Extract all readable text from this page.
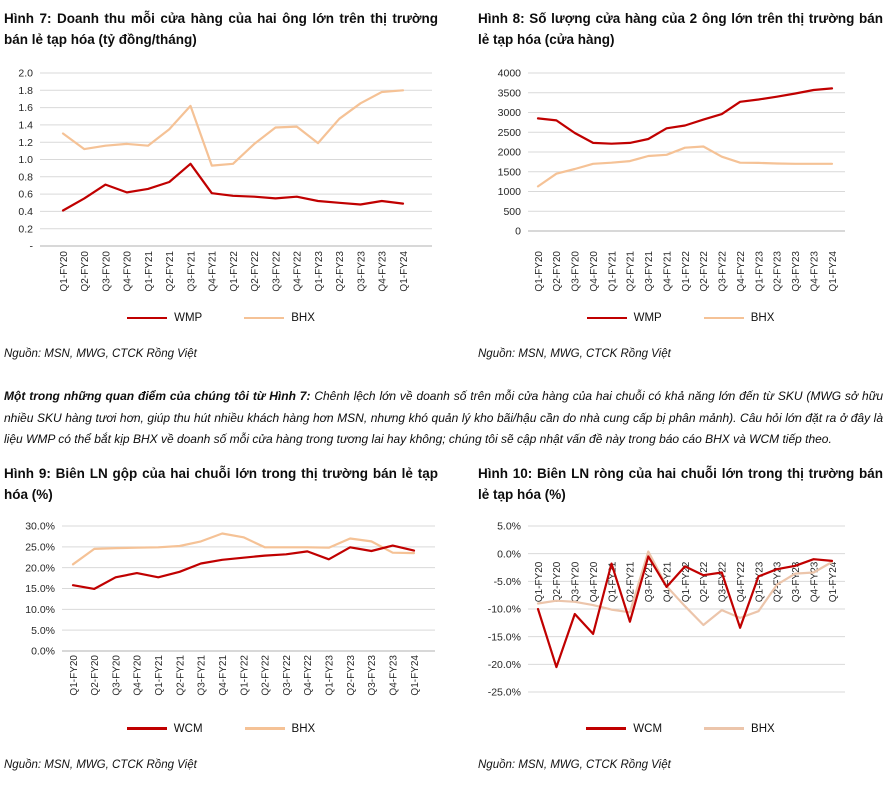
Hình 7: Doanh thu mỗi cửa hàng của hai ông lớn trên thị trường bán lẻ tạp hóa (tỷ đồng/tháng)
2.0
1.8
1.6
1.4
1.2
1.0
0.8
0.6
0.4
0.2
-
Q1-FY20 Q2-FY20 Q3-FY20 Q4-FY20 Q1-FY21 Q2-FY21 Q3-FY21 Q4-FY21 Q1-FY22 Q2-FY22 Q3-FY22 Q4-FY22 Q1-FY23 Q2-FY23 Q3-FY23 Q4-FY23 Q1-FY24
WMP	BHX

Nguồn: MSN, MWG, CTCK Rồng Việt

Hình 8: Số lượng cửa hàng của 2 ông lớn trên thị trường bán lẻ tạp hóa (cửa hàng)
4000
3500
3000
2500
2000
1500
1000
500
0
Q1-FY20 Q2-FY20 Q3-FY20 Q4-FY20 Q1-FY21 Q2-FY21 Q3-FY21 Q4-FY21 Q1-FY22 Q2-FY22 Q3-FY22 Q4-FY22 Q1-FY23 Q2-FY23 Q3-FY23 Q4-FY23 Q1-FY24
WMP	BHX

Nguồn: MSN, MWG, CTCK Rồng Việt

Một trong những quan điểm của chúng tôi từ Hình 7: Chênh lệch lớn về doanh số trên mỗi cửa hàng của hai chuỗi có khả năng lớn đến từ SKU (MWG sở hữu nhiều SKU hàng tươi hơn, giúp thu hút nhiều khách hàng hơn MSN, nhưng khó quản lý kho bãi/hậu cần do nhà cung cấp bị phân mảnh). Câu hỏi lớn đặt ra ở đây là liệu WMP có thể bắt kịp BHX về doanh số mỗi cửa hàng trong tương lai hay không; chúng tôi sẽ cập nhật vấn đề này trong báo cáo BHX và WCM tiếp theo.

Hình 9: Biên LN gộp của hai chuỗi lớn trong thị trường bán lẻ tạp hóa (%)
30.0%
25.0%
20.0%
15.0%
10.0%
5.0%
0.0%
Q1-FY20 Q2-FY20 Q3-FY20 Q4-FY20 Q1-FY21 Q2-FY21 Q3-FY21 Q4-FY21 Q1-FY22 Q2-FY22 Q3-FY22 Q4-FY22 Q1-FY23 Q2-FY23 Q3-FY23 Q4-FY23 Q1-FY24
WCM	BHX

Nguồn: MSN, MWG, CTCK Rồng Việt

Hình 10: Biên LN ròng của hai chuỗi lớn trong thị trường bán lẻ tạp hóa (%)
5.0%
0.0%
-5.0%
-10.0%
-15.0%
-20.0%
-25.0%
Q1-FY20 Q2-FY20 Q3-FY20 Q4-FY20 Q1-FY21 Q2-FY21 Q3-FY21 Q4-FY21 Q1-FY22 Q2-FY22 Q3-FY22 Q4-FY22 Q1-FY23 Q2-FY23 Q3-FY23 Q4-FY23 Q1-FY24
WCM	BHX

Nguồn: MSN, MWG, CTCK Rồng Việt
